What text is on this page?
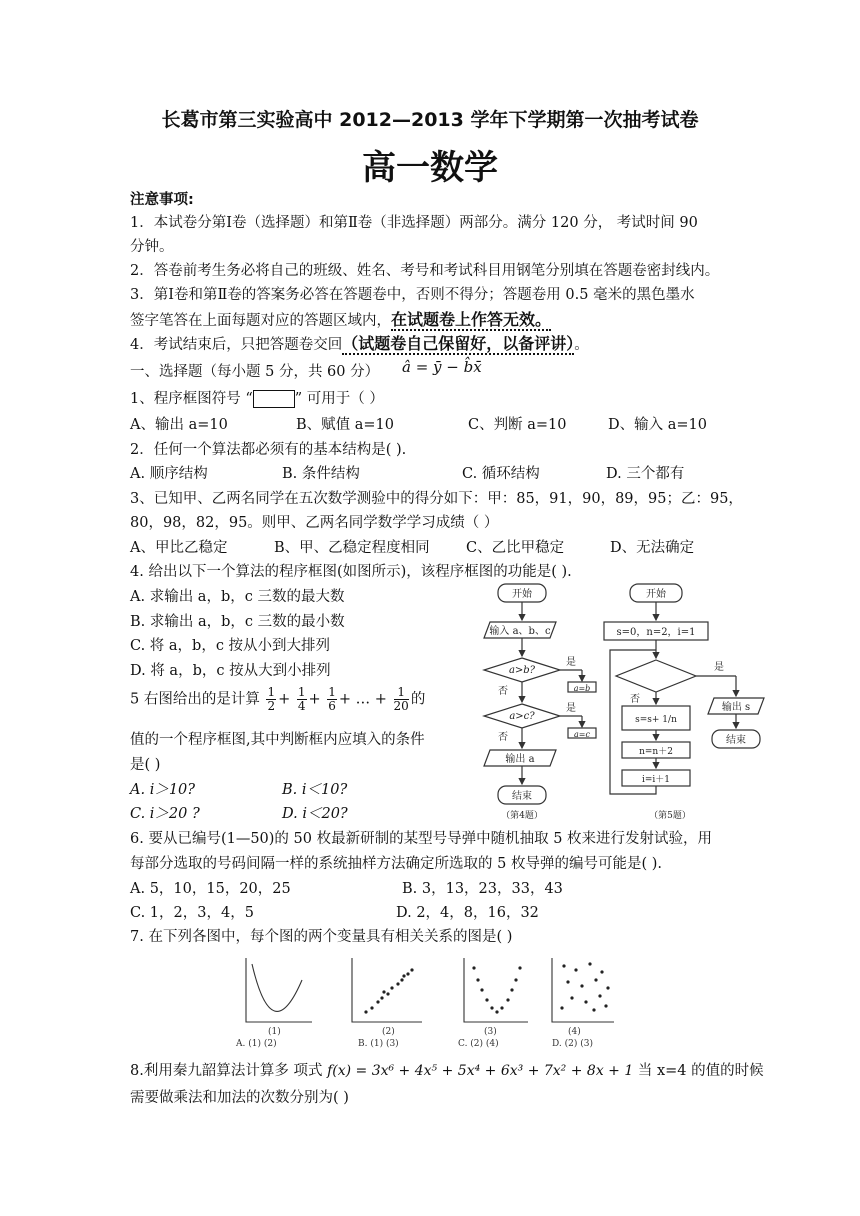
长葛市第三实验高中 2012—2013 学年下学期第一次抽考试卷
高一数学
注意事项:
1．本试卷分第Ⅰ卷（选择题）和第Ⅱ卷（非选择题）两部分。满分 120 分， 考试时间 90
分钟。
2．答卷前考生务必将自己的班级、姓名、考号和考试科目用钢笔分别填在答题卷密封线内。
3．第Ⅰ卷和第Ⅱ卷的答案务必答在答题卷中，否则不得分；答题卷用 0.5 毫米的黑色墨水
签字笔答在上面每题对应的答题区域内，在试题卷上作答无效。
4．考试结束后，只把答题卷交回（试题卷自己保留好，以备评讲）。
一、选择题（每小题 5 分，共 60 分） â = ȳ − b̂x̄
1、程序框图符号 “	” 可用于（ ）
A、输出 a=10	B、赋值 a=10	C、判断 a=10	D、输入 a=10
2．任何一个算法都必须有的基本结构是( ).
A. 顺序结构	B. 条件结构	C. 循环结构	D. 三个都有
3、已知甲、乙两名同学在五次数学测验中的得分如下：甲：85，91，90，89，95；乙：95，
80，98，82，95。则甲、乙两名同学数学学习成绩（ ）
A、甲比乙稳定	B、甲、乙稳定程度相同	C、乙比甲稳定	D、无法确定
4. 给出以下一个算法的程序框图(如图所示)，该程序框图的功能是( ).
A. 求输出 a，b，c 三数的最大数
B. 求输出 a，b，c 三数的最小数
C. 将 a，b，c 按从小到大排列
D. 将 a，b，c 按从大到小排列
5 右图给出的是计算 $\frac{1}{2} + \frac{1}{4} + \frac{1}{6}$ + … + $\frac{1}{20}$ 的
值的一个程序框图,其中判断框内应填入的条件
是( )
A. i＞10?	B. i＜10?
C. i＞20 ?	D. i＜20?
开始
输入 a、b、c
a>b?
是
a=b
否
a>c?
是
a=c
否
输出 a
结束
（第4题）
开始
s=0，n=2，i=1
是
否
输出 s
结束
s=s+ 1/n
n=n＋2
i=i＋1
（第5题）
6. 要从已编号(1—50)的 50 枚最新研制的某型号导弹中随机抽取 5 枚来进行发射试验，用
每部分选取的号码间隔一样的系统抽样方法确定所选取的 5 枚导弹的编号可能是( ).
A. 5，10，15，20，25	B. 3，13，23，33，43
C. 1，2，3，4，5	D. 2，4，8，16，32
7. 在下列各图中，每个图的两个变量具有相关关系的图是( )
(1)	(2)	(3)	(4)
A. (1) (2)	B. (1) (3)	C. (2) (4)	D. (2) (3)
8.利用秦九韶算法计算多 项式 f(x) = 3x⁶ + 4x⁵ + 5x⁴ + 6x³ + 7x² + 8x + 1 当 x=4 的值的时候
需要做乘法和加法的次数分别为( )
